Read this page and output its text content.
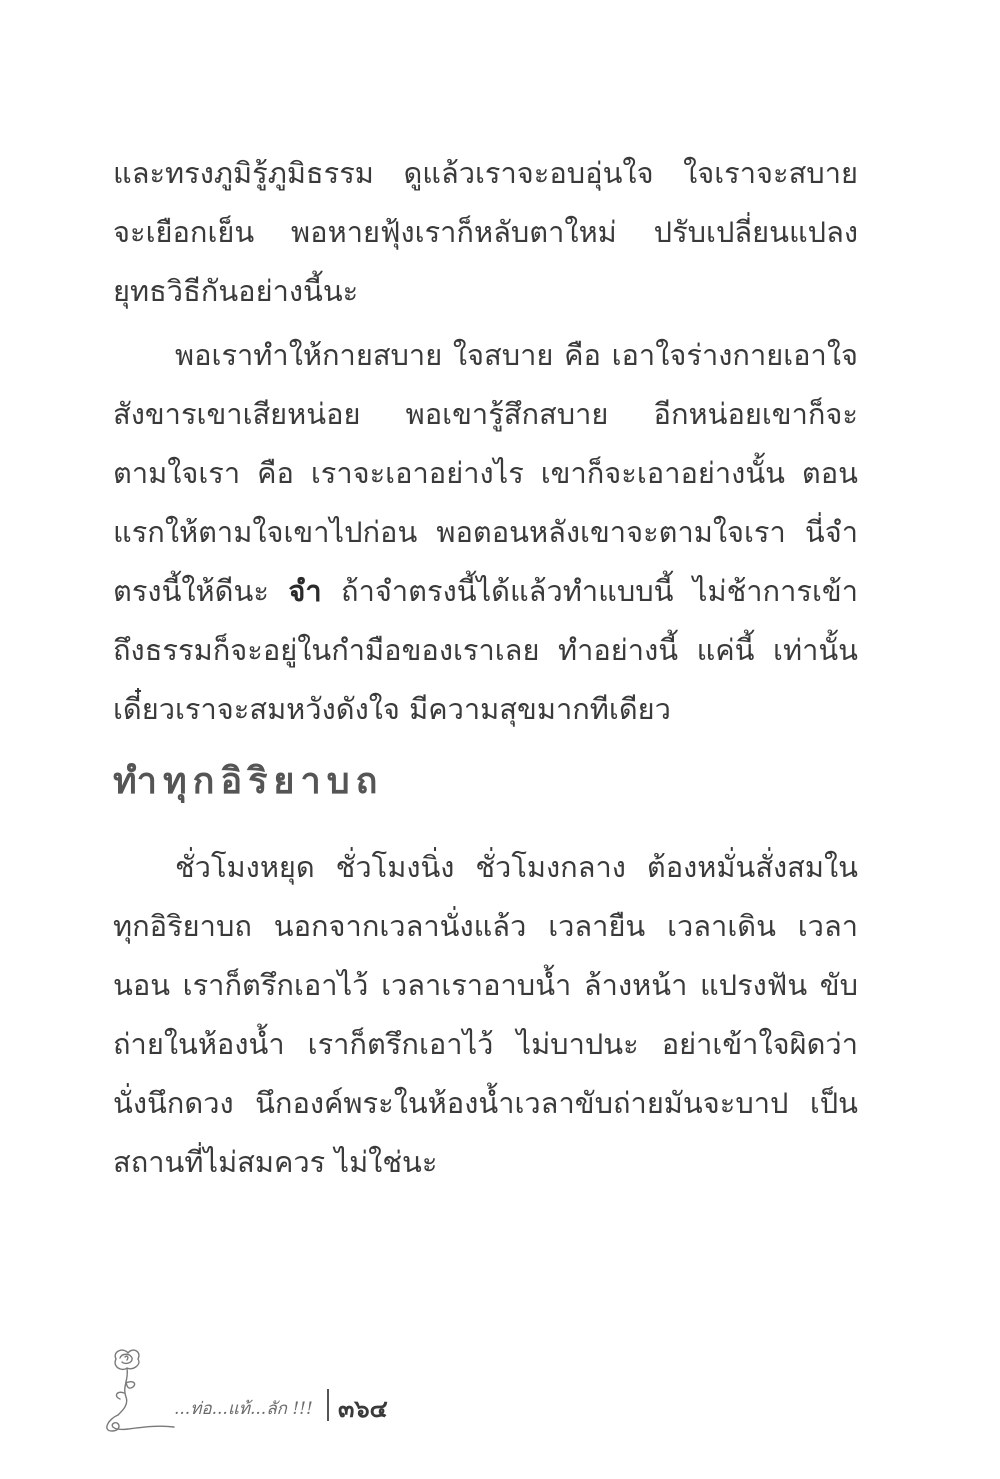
และทรงภูมิรู้ภูมิธรรม ดูแล้วเราจะอบอุ่นใจ ใจเราจะสบาย จะเยือกเย็น พอหายฟุ้งเราก็หลับตาใหม่ ปรับเปลี่ยนแปลงยุทธวิธีกันอย่างนี้นะ

พอเราทำให้กายสบาย ใจสบาย คือ เอาใจร่างกายเอาใจสังขารเขาเสียหน่อย พอเขารู้สึกสบาย อีกหน่อยเขาก็จะตามใจเรา คือ เราจะเอาอย่างไร เขาก็จะเอาอย่างนั้น ตอนแรกให้ตามใจเขาไปก่อน พอตอนหลังเขาจะตามใจเรา นี่จำตรงนี้ให้ดีนะ จำ ถ้าจำตรงนี้ได้แล้วทำแบบนี้ ไม่ช้าการเข้าถึงธรรมก็จะอยู่ในกำมือของเราเลย ทำอย่างนี้ แค่นี้ เท่านั้น เดี๋ยวเราจะสมหวังดังใจ มีความสุขมากทีเดียว

ทำทุกอิริยาบถ

ชั่วโมงหยุด ชั่วโมงนิ่ง ชั่วโมงกลาง ต้องหมั่นสั่งสมในทุกอิริยาบถ นอกจากเวลานั่งแล้ว เวลายืน เวลาเดิน เวลานอน เราก็ตรึกเอาไว้ เวลาเราอาบน้ำ ล้างหน้า แปรงฟัน ขับถ่ายในห้องน้ำ เราก็ตรึกเอาไว้ ไม่บาปนะ อย่าเข้าใจผิดว่า นั่งนึกดวง นึกองค์พระในห้องน้ำเวลาขับถ่ายมันจะบาป เป็นสถานที่ไม่สมควร ไม่ใช่นะ

...ท่อ...แท้...ลัก !!! ๓๖๔
